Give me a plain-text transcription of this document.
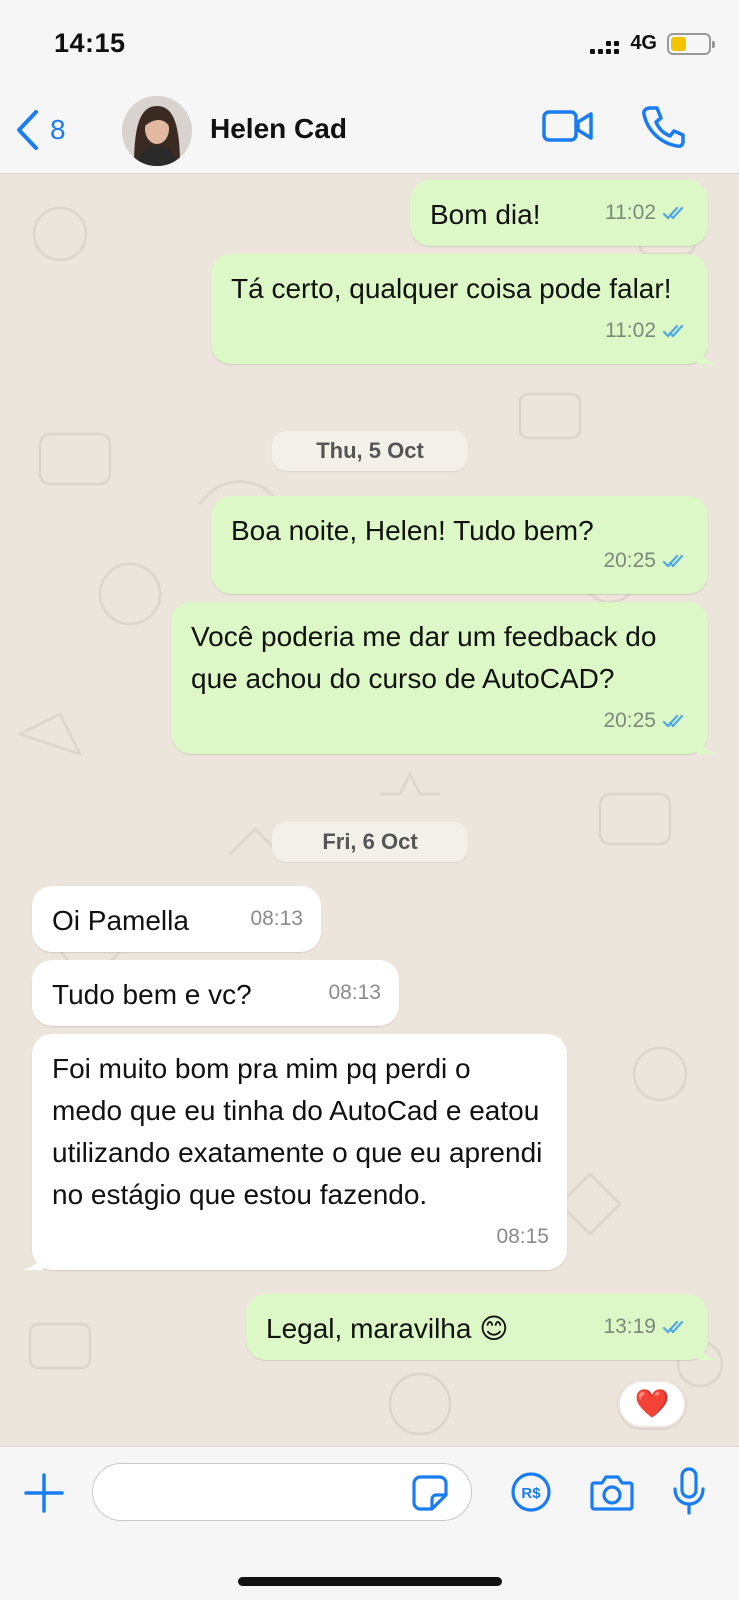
14:15	4G
8	Helen Cad
Bom dia!	11:02
Tá certo, qualquer coisa pode falar!
11:02
Thu, 5 Oct
Boa noite, Helen! Tudo bem?
20:25
Você poderia me dar um feedback do que achou do curso de AutoCAD?
20:25
Fri, 6 Oct
Oi Pamella	08:13
Tudo bem e vc?	08:13
Foi muito bom pra mim pq perdi o medo que eu tinha do AutoCad e eatou utilizando exatamente o que eu aprendi no estágio que estou fazendo.
08:15
Legal, maravilha 😊	13:19
❤️
R$
